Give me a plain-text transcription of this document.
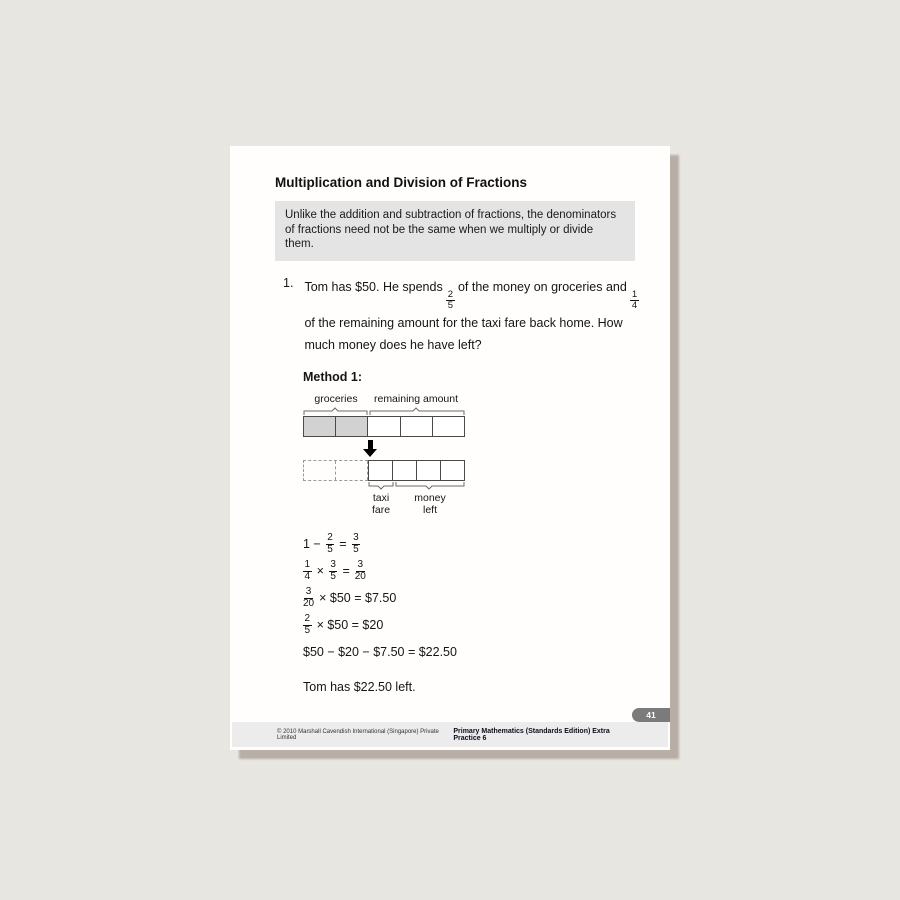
Multiplication and Division of Fractions
Unlike the addition and subtraction of fractions, the denominators of fractions need not be the same when we multiply or divide them.
1. Tom has $50. He spends
$\frac{2}{5}$
of the money on groceries and
$\frac{1}{4}$

of the remaining amount for the taxi fare back home. How
much money does he have left?
Method 1:
groceries remaining amount
taxi fare
money left
$1 - \frac{2}{5} = \frac{3}{5}$
$\frac{1}{4} \times \frac{3}{5} = \frac{3}{20}$
$\frac{3}{20}$ × $50 = $7.50
$\frac{2}{5}$ × $50 = $20
$50 − $20 − $7.50 = $22.50
Tom has $22.50 left.
41
© 2010 Marshall Cavendish International (Singapore) Private Limited
Primary Mathematics (Standards Edition) Extra Practice 6
